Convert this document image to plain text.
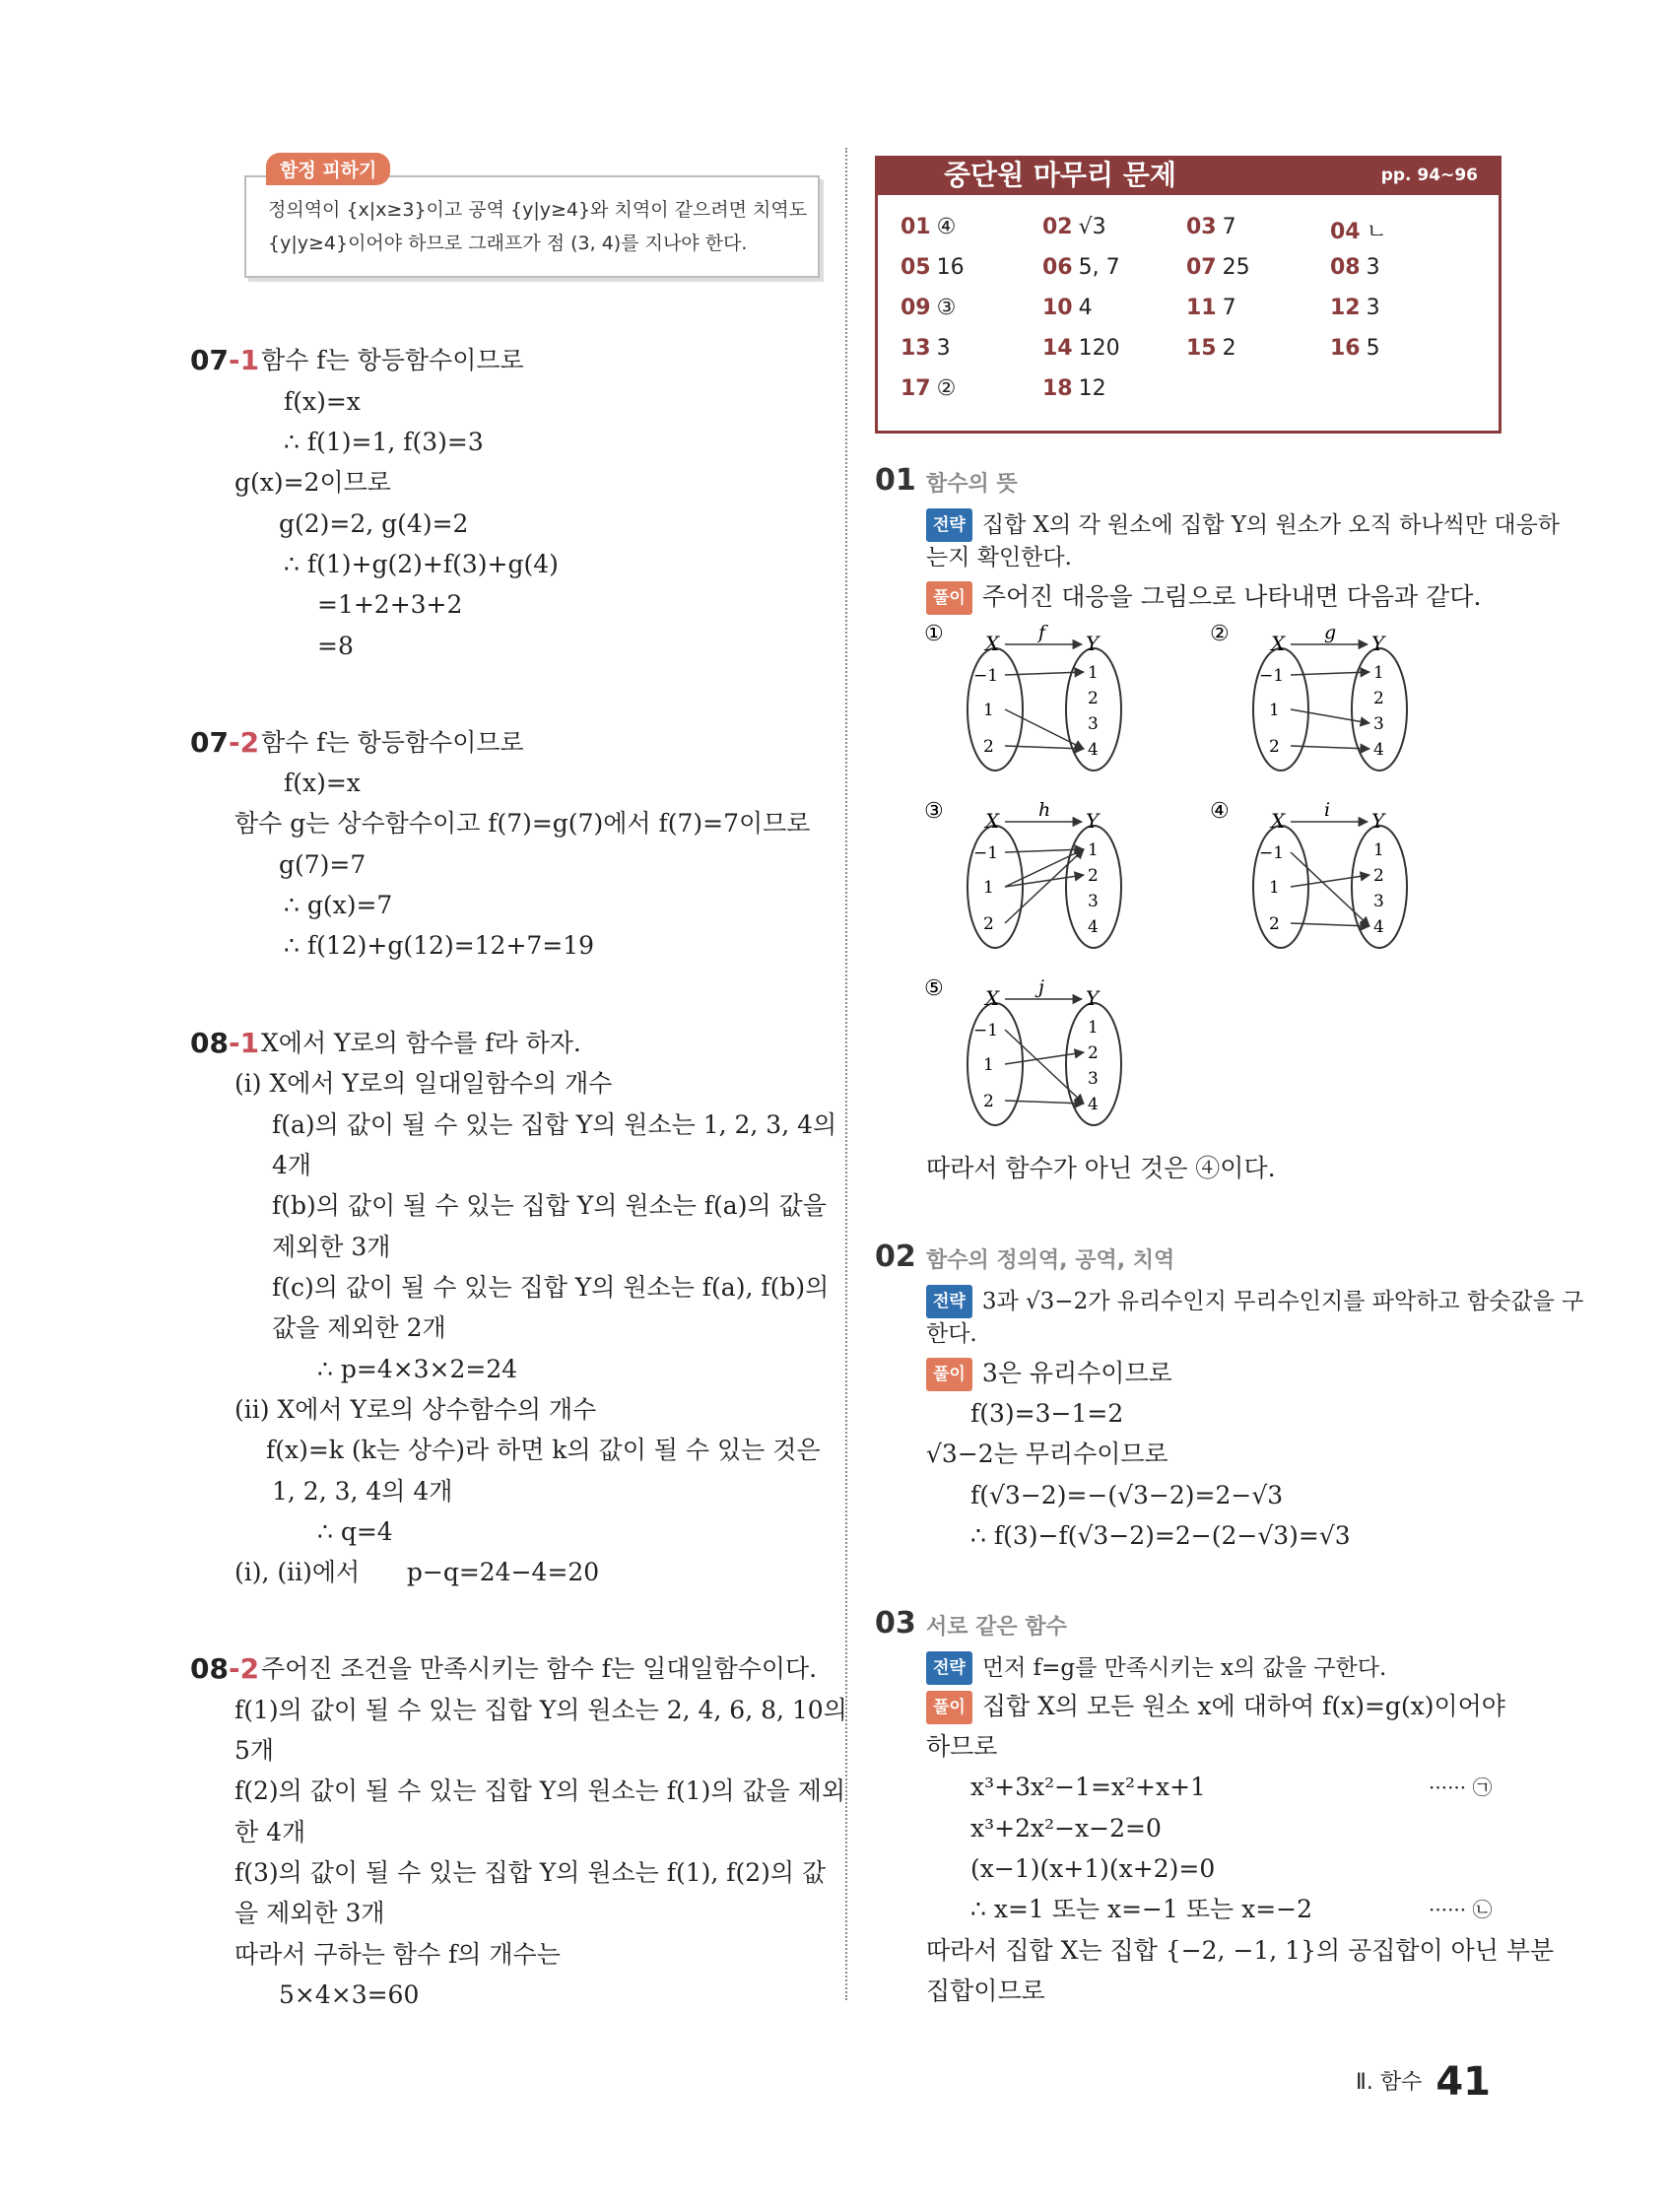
정의역이 {x|x≥3}이고 공역 {y|y≥4}와 치역이 같으려면 치역도
{y|y≥4}이어야 하므로 그래프가 점 (3, 4)를 지나야 한다.
함정 피하기
07-1 함수 f는 항등함수이므로
f(x)=x
∴ f(1)=1, f(3)=3
g(x)=2이므로
g(2)=2, g(4)=2
∴ f(1)+g(2)+f(3)+g(4)
=1+2+3+2
=8
07-2 함수 f는 항등함수이므로
f(x)=x
함수 g는 상수함수이고 f(7)=g(7)에서 f(7)=7이므로
g(7)=7
∴ g(x)=7
∴ f(12)+g(12)=12+7=19
08-1 X에서 Y로의 함수를 f라 하자.
(i) X에서 Y로의 일대일함수의 개수
f(a)의 값이 될 수 있는 집합 Y의 원소는 1, 2, 3, 4의
4개
f(b)의 값이 될 수 있는 집합 Y의 원소는 f(a)의 값을
제외한 3개
f(c)의 값이 될 수 있는 집합 Y의 원소는 f(a), f(b)의
값을 제외한 2개
∴ p=4×3×2=24
(ii) X에서 Y로의 상수함수의 개수
f(x)=k (k는 상수)라 하면 k의 값이 될 수 있는 것은
1, 2, 3, 4의 4개
∴ q=4
(i), (ii)에서      p−q=24−4=20
08-2 주어진 조건을 만족시키는 함수 f는 일대일함수이다.
f(1)의 값이 될 수 있는 집합 Y의 원소는 2, 4, 6, 8, 10의
5개
f(2)의 값이 될 수 있는 집합 Y의 원소는 f(1)의 값을 제외
한 4개
f(3)의 값이 될 수 있는 집합 Y의 원소는 f(1), f(2)의 값
을 제외한 3개
따라서 구하는 함수 f의 개수는
5×4×3=60
중단원 마무리 문제	pp. 94~96
01 ④	02 √3	03 7	04 ㄴ
05 16	06 5, 7	07 25	08 3
09 ③	10 4	11 7	12 3
13 3	14 120	15 2	16 5
17 ②	18 12
01 함수의 뜻
전략 집합 X의 각 원소에 집합 Y의 원소가 오직 하나씩만 대응하
는지 확인한다.
풀이 주어진 대응을 그림으로 나타내면 다음과 같다.
① X	Y
f
−1
1
2
1
2
3
4
② X	Y
g
−1
1
2
1
2
3
4
③ X	Y
h
−1
1
2
1
2
3
4
④ X	Y
i
−1
1
2
1
2
3
4
⑤ X	Y
j
−1
1
2
1
2
3
4
따라서 함수가 아닌 것은 ④이다.
02 함수의 정의역, 공역, 치역
전략 3과 √3−2가 유리수인지 무리수인지를 파악하고 함숫값을 구
한다.
풀이 3은 유리수이므로
f(3)=3−1=2
√3−2는 무리수이므로
f(√3−2)=−(√3−2)=2−√3
∴ f(3)−f(√3−2)=2−(2−√3)=√3
03 서로 같은 함수
전략 먼저 f=g를 만족시키는 x의 값을 구한다.
풀이 집합 X의 모든 원소 x에 대하여 f(x)=g(x)이어야
하므로
x³+3x²−1=x²+x+1	······ ㉠
x³+2x²−x−2=0
(x−1)(x+1)(x+2)=0
∴ x=1 또는 x=−1 또는 x=−2	······ ㉡
따라서 집합 X는 집합 {−2, −1, 1}의 공집합이 아닌 부분
집합이므로
Ⅱ. 함수 41
